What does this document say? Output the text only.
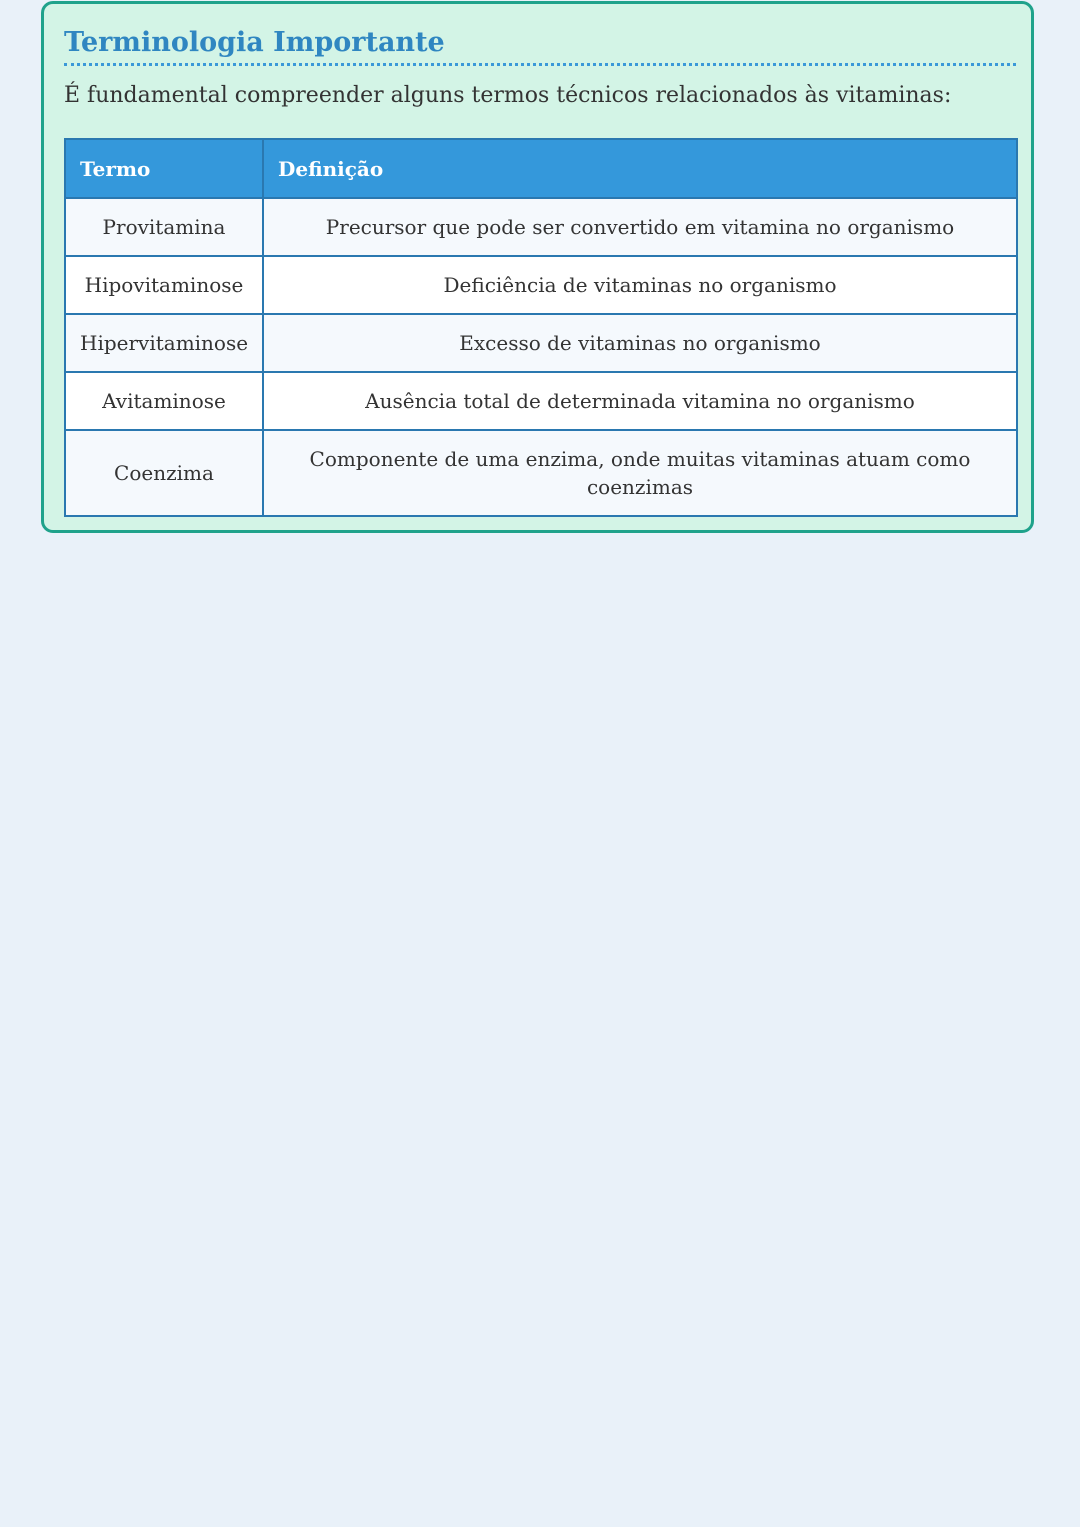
Terminologia Importante

É fundamental compreender alguns termos técnicos relacionados às vitaminas:

Termo	Definição
Provitamina	Precursor que pode ser convertido em vitamina no organismo
Hipovitaminose	Deficiência de vitaminas no organismo
Hipervitaminose	Excesso de vitaminas no organismo
Avitaminose	Ausência total de determinada vitamina no organismo
Coenzima	Componente de uma enzima, onde muitas vitaminas atuam como coenzimas
